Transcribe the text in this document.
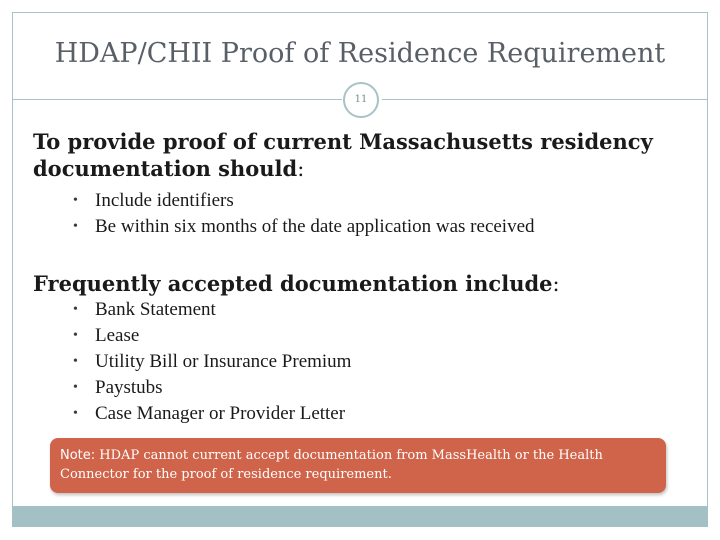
HDAP/CHII Proof of Residence Requirement
11
To provide proof of current Massachusetts residency documentation should:
• Include identifiers
• Be within six months of the date application was received
Frequently accepted documentation include:
• Bank Statement
• Lease
• Utility Bill or Insurance Premium
• Paystubs
• Case Manager or Provider Letter
Note: HDAP cannot current accept documentation from MassHealth or the Health Connector for the proof of residence requirement.
